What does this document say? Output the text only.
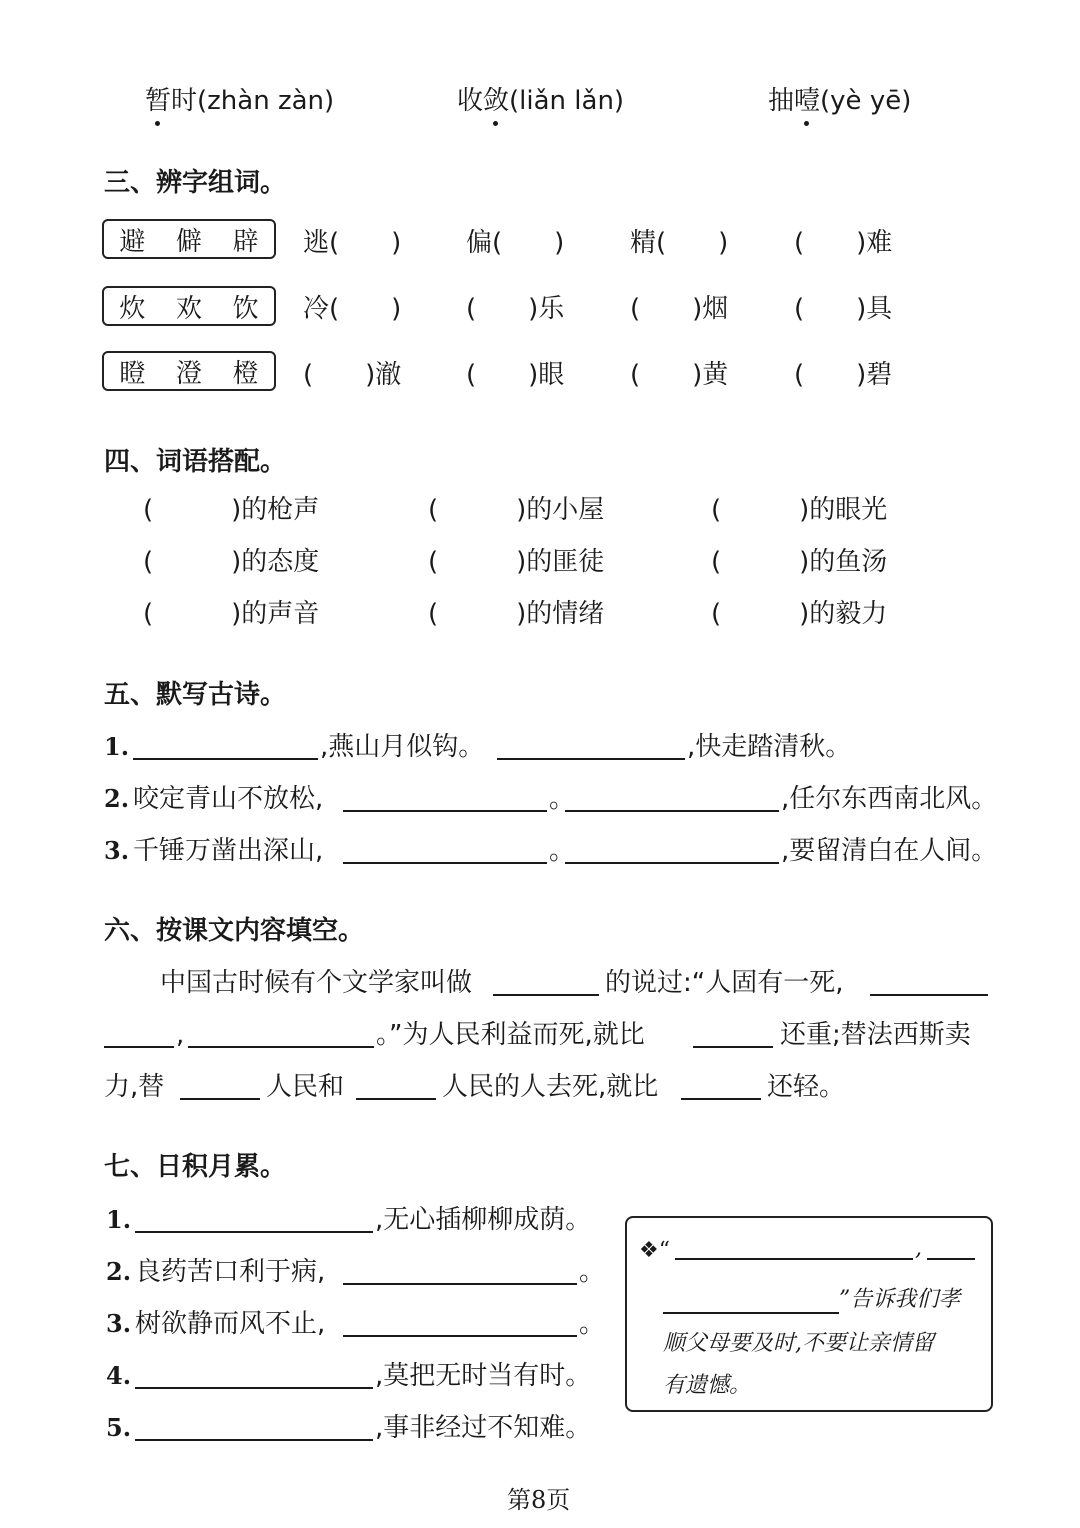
暂
时(zhàn zàn)	收敛
(liǎn lǎn)	抽噎
(yè yē)
三、辨字组词。
避 僻 辟 逃(　　) 偏(　　)	精(　　)	(　　)难
炊 欢 饮 冷(　　) (　　)乐	(　　)烟	(　　)具
瞪 澄 橙 (　　)澈 (　　)眼	(　　)黄	(　　)碧
四、词语搭配。
(　　　)的枪声	(　　　)的小屋	(　　　)的眼光
(　　　)的态度	(　　　)的匪徒	(　　　)的鱼汤
(　　　)的声音	(　　　)的情绪	(　　　)的毅力
五、默写古诗。
1.	,燕山月似钩。	,快走踏清秋。
2. 咬定青山不放松,	。	,任尔东西南北风。
3. 千锤万凿出深山,	。	,要留清白在人间。
六、按课文内容填空。
中国古时候有个文学家叫做	的说过:“人固有一死,
,	。”为人民利益而死,就比	还重;替法西斯卖
力,替	人民和	人民的人去死,就比	还轻。
七、日积月累。
1.	,无心插柳柳成荫。
2. 良药苦口利于病,	。
3. 树欲静而风不止,	。
4.	,莫把无时当有时。
5.	,事非经过不知难。
❖“	,
”告诉我们孝
顺父母要及时,不要让亲情留
有遗憾。
第8页
